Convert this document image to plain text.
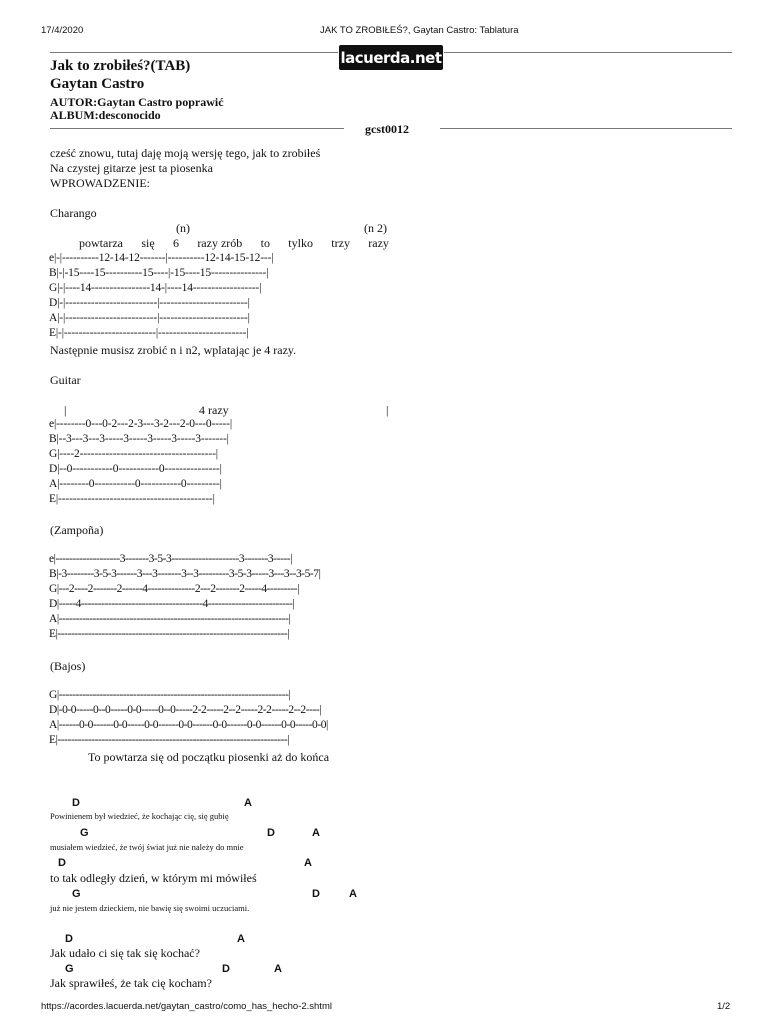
17/4/2020	JAK TO ZROBIŁEŚ?, Gaytan Castro: Tablatura
lacuerda.net
Jak to zrobiłeś?(TAB)
Gaytan Castro
AUTOR:Gaytan Castro poprawić
ALBUM:desconocido
gcst0012
cześć znowu, tutaj daję moją wersję tego, jak to zrobiłeś
Na czystej gitarze jest ta piosenka
WPROWADZENIE:
Charango
(n)	(n 2)
powtarza się 6 razy zrób to tylko trzy razy
e|-|----------12-14-12-------|----------12-14-15-12---|
B|-|-15----15----------15----|-15----15---------------|
G|-|----14----------------14-|----14------------------|
D|-|-------------------------|------------------------|
A|-|-------------------------|------------------------|
E|-|-------------------------|------------------------|
Następnie musisz zrobić n i n2, wplatając je 4 razy.
Guitar
|	4 razy	|
e|--------0---0-2---2-3---3-2---2-0---0-----|
B|--3---3---3-----3-----3-----3-----3-------|
G|----2-------------------------------------|
D|--0-----------0-----------0---------------|
A|--------0-----------0-----------0---------|
E|------------------------------------------|
(Zampoña)
e|-------------------3-------3-5-3--------------------3-------3-----|
B|-3--------3-5-3------3---3-------3--3---------3-5-3-----3---3--3-5-7|
G|---2----2-------2------4--------------2---2-------2-----4---------|
D|-----4------------------------------------4-------------------------|
A|--------------------------------------------------------------------|
E|--------------------------------------------------------------------|
(Bajos)
G|--------------------------------------------------------------------|
D|-0-0-----0--0-----0-0-----0--0-----2-2-----2--2-----2-2-----2--2----|
A|------0-0------0-0-----0-0------0-0------0-0------0-0------0-0-----0-0|
E|--------------------------------------------------------------------|
To powtarza się od początku piosenki aż do końca
D	A
Powinienem był wiedzieć, że kochając cię, się gubię
G	D	A
musiałem wiedzieć, że twój świat już nie należy do mnie
D	A
to tak odległy dzień, w którym mi mówiłeś
G	D	A
już nie jestem dzieckiem, nie bawię się swoimi uczuciami.
D	A
Jak udało ci się tak się kochać?
G	D	A
Jak sprawiłeś, że tak cię kocham?
https://acordes.lacuerda.net/gaytan_castro/como_has_hecho-2.shtml	1/2
